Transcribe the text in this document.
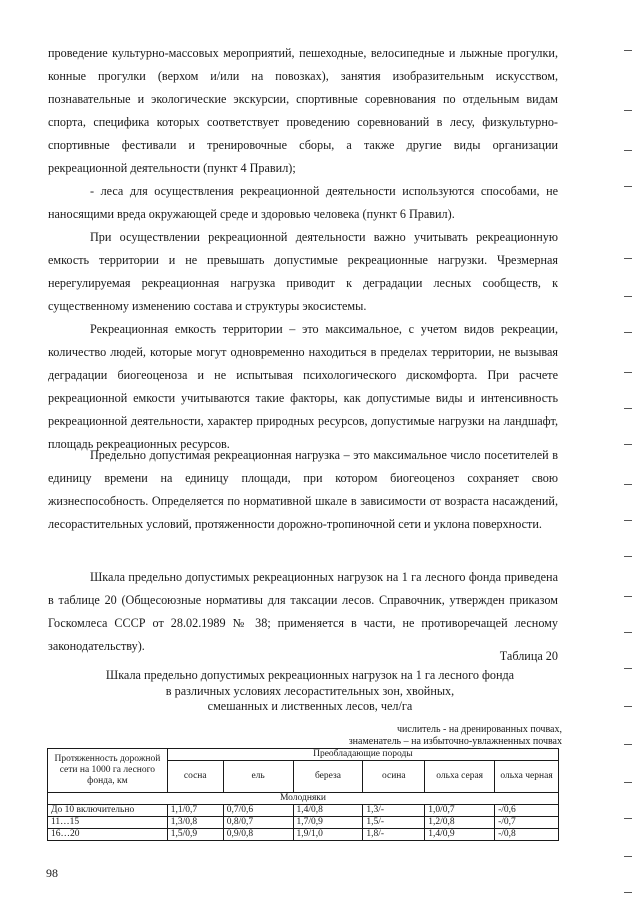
проведение культурно-массовых мероприятий, пешеходные, велосипедные и лыжные прогулки, конные прогулки (верхом и/или на повозках), занятия изобразительным искусством, познавательные и экологические экскурсии, спортивные соревнования по отдельным видам спорта, специфика которых соответствует проведению соревнований в лесу, физкультурно-спортивные фестивали и тренировочные сборы, а также другие виды организации рекреационной деятельности (пункт 4 Правил);

- леса для осуществления рекреационной деятельности используются способами, не наносящими вреда окружающей среде и здоровью человека (пункт 6 Правил).

При осуществлении рекреационной деятельности важно учитывать рекреационную емкость территории и не превышать допустимые рекреационные нагрузки. Чрезмерная нерегулируемая рекреационная нагрузка приводит к деградации лесных сообществ, к существенному изменению состава и структуры экосистемы.

Рекреационная емкость территории – это максимальное, с учетом видов рекреации, количество людей, которые могут одновременно находиться в пределах территории, не вызывая деградации биогеоценоза и не испытывая психологического дискомфорта. При расчете рекреационной емкости учитываются такие факторы, как допустимые виды и интенсивность рекреационной деятельности, характер природных ресурсов, допустимые нагрузки на ландшафт, площадь рекреационных ресурсов.

Предельно допустимая рекреационная нагрузка – это максимальное число посетителей в единицу времени на единицу площади, при котором биогеоценоз сохраняет свою жизнеспособность. Определяется по нормативной шкале в зависимости от возраста насаждений, лесорастительных условий, протяженности дорожно-тропиночной сети и уклона поверхности.

Шкала предельно допустимых рекреационных нагрузок на 1 га лесного фонда приведена в таблице 20 (Общесоюзные нормативы для таксации лесов. Справочник, утвержден приказом Госкомлеса СССР от 28.02.1989 № 38; применяется в части, не противоречащей лесному законодательству).

Таблица 20
Шкала предельно допустимых рекреационных нагрузок на 1 га лесного фонда
в различных условиях лесорастительных зон, хвойных,
смешанных и лиственных лесов, чел/га
числитель - на дренированных почвах,
знаменатель – на избыточно-увлажненных почвах
Протяженность дорожной сети на 1000 га лесного фонда, км	Преобладающие породы					
	сосна	ель	береза	осина	ольха серая	ольха черная
Молодняки						
До 10 включительно	1,1/0,7	0,7/0,6	1,4/0,8	1,3/-	1,0/0,7	-/0,6
11…15	1,3/0,8	0,8/0,7	1,7/0,9	1,5/-	1,2/0,8	-/0,7
16…20	1,5/0,9	0,9/0,8	1,9/1,0	1,8/-	1,4/0,9	-/0,8
98
